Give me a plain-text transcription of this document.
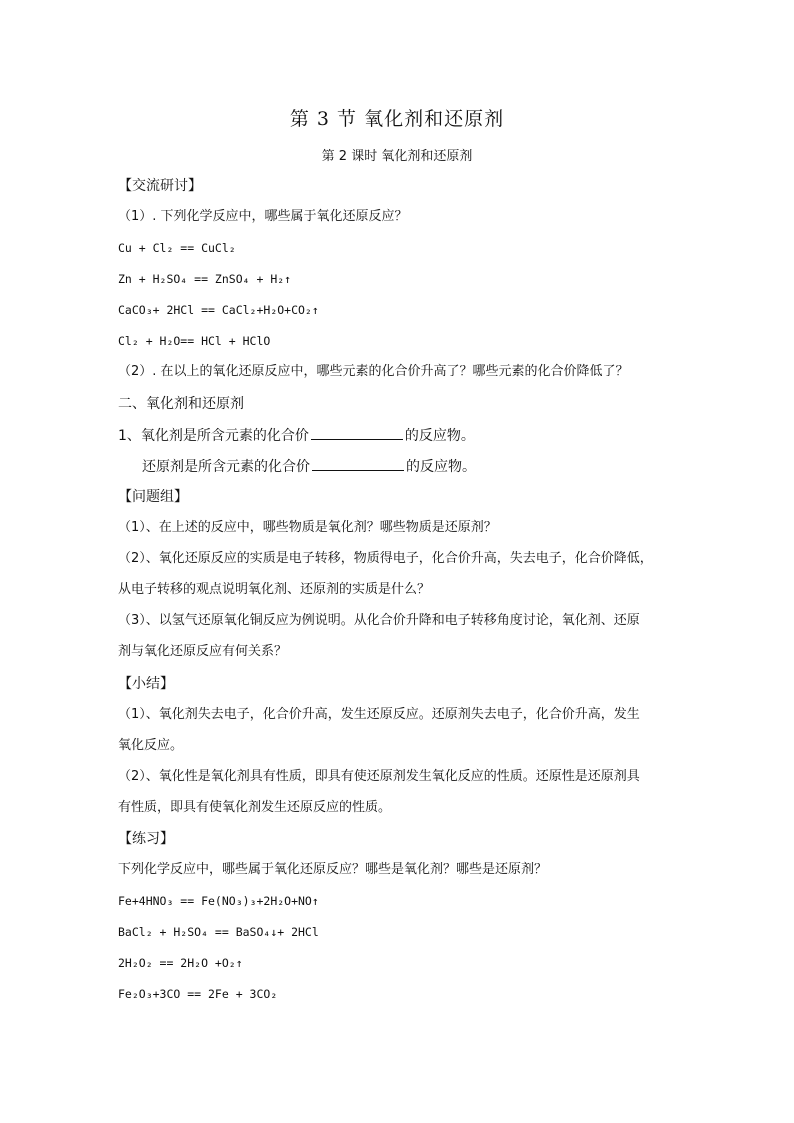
第 3 节 氧化剂和还原剂
第 2 课时 氧化剂和还原剂
【交流研讨】
（1）. 下列化学反应中，哪些属于氧化还原反应？
Cu + Cl₂ == CuCl₂
Zn + H₂SO₄ == ZnSO₄ + H₂↑
CaCO₃+ 2HCl == CaCl₂+H₂O+CO₂↑
Cl₂ + H₂O== HCl + HClO
（2）. 在以上的氧化还原反应中，哪些元素的化合价升高了？哪些元素的化合价降低了？
二、氧化剂和还原剂
1、氧化剂是所含元素的化合价	的反应物。
还原剂是所含元素的化合价	的反应物。
【问题组】
（1）、在上述的反应中，哪些物质是氧化剂？哪些物质是还原剂？
（2）、氧化还原反应的实质是电子转移，物质得电子，化合价升高，失去电子，化合价降低，
从电子转移的观点说明氧化剂、还原剂的实质是什么？
（3）、以氢气还原氧化铜反应为例说明。从化合价升降和电子转移角度讨论，氧化剂、还原
剂与氧化还原反应有何关系？
【小结】
（1）、氧化剂失去电子，化合价升高，发生还原反应。还原剂失去电子，化合价升高，发生
氧化反应。
（2）、氧化性是氧化剂具有性质，即具有使还原剂发生氧化反应的性质。还原性是还原剂具
有性质，即具有使氧化剂发生还原反应的性质。
【练习】
下列化学反应中，哪些属于氧化还原反应？哪些是氧化剂？哪些是还原剂？
Fe+4HNO₃ == Fe(NO₃)₃+2H₂O+NO↑
BaCl₂ + H₂SO₄ == BaSO₄↓+ 2HCl
2H₂O₂ == 2H₂O +O₂↑
Fe₂O₃+3CO == 2Fe + 3CO₂
